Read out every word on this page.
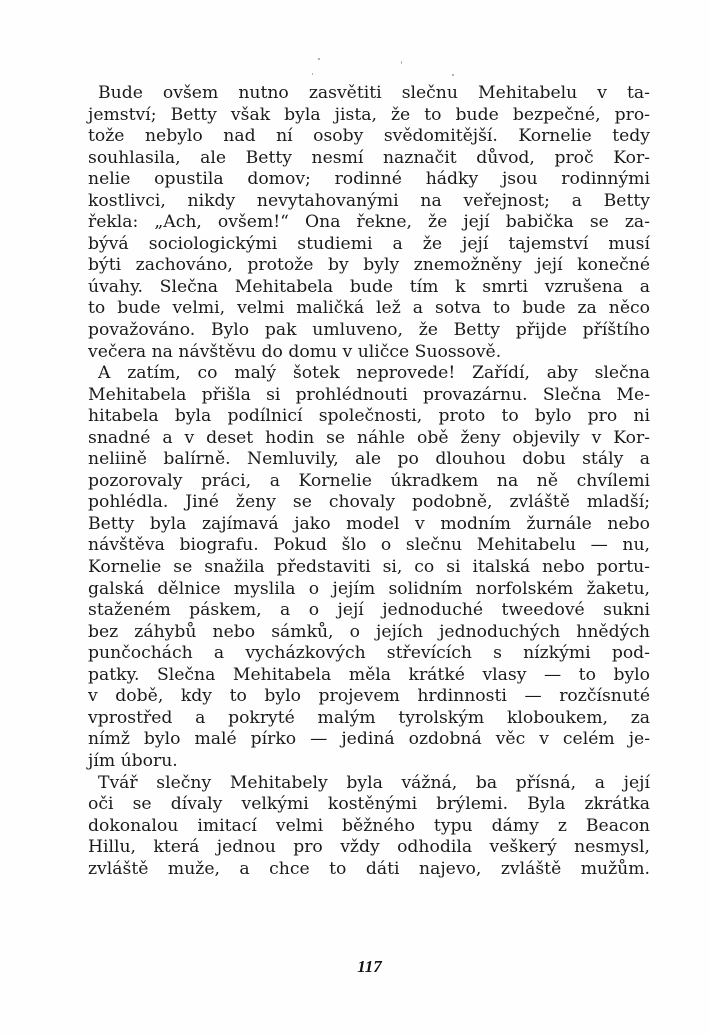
Bude ovšem nutno zasvětiti slečnu Mehitabelu v ta-
jemství; Betty však byla jista, že to bude bezpečné, pro-
tože nebylo nad ní osoby svědomitější. Kornelie tedy
souhlasila, ale Betty nesmí naznačit důvod, proč Kor-
nelie opustila domov; rodinné hádky jsou rodinnými
kostlivci, nikdy nevytahovanými na veřejnost; a Betty
řekla: „Ach, ovšem!“ Ona řekne, že její babička se za-
bývá sociologickými studiemi a že její tajemství musí
býti zachováno, protože by byly znemožněny její konečné
úvahy. Slečna Mehitabela bude tím k smrti vzrušena a
to bude velmi, velmi maličká lež a sotva to bude za něco
považováno. Bylo pak umluveno, že Betty přijde příštího
večera na návštěvu do domu v uličce Suossově.
A zatím, co malý šotek neprovede! Zařídí, aby slečna
Mehitabela přišla si prohlédnouti provazárnu. Slečna Me-
hitabela byla podílnicí společnosti, proto to bylo pro ni
snadné a v deset hodin se náhle obě ženy objevily v Kor-
neliině balírně. Nemluvily, ale po dlouhou dobu stály a
pozorovaly práci, a Kornelie úkradkem na ně chvílemi
pohlédla. Jiné ženy se chovaly podobně, zvláště mladší;
Betty byla zajímavá jako model v modním žurnále nebo
návštěva biografu. Pokud šlo o slečnu Mehitabelu — nu,
Kornelie se snažila představiti si, co si italská nebo portu-
galská dělnice myslila o jejím solidním norfolském žaketu,
staženém páskem, a o její jednoduché tweedové sukni
bez záhybů nebo sámků, o jejích jednoduchých hnědých
punčochách a vycházkových střevících s nízkými pod-
patky. Slečna Mehitabela měla krátké vlasy — to bylo
v době, kdy to bylo projevem hrdinnosti — rozčísnuté
vprostřed a pokryté malým tyrolským kloboukem, za
nímž bylo malé pírko — jediná ozdobná věc v celém je-
jím úboru.
Tvář slečny Mehitabely byla vážná, ba přísná, a její
oči se dívaly velkými kostěnými brýlemi. Byla zkrátka
dokonalou imitací velmi běžného typu dámy z Beacon
Hillu, která jednou pro vždy odhodila veškerý nesmysl,
zvláště muže, a chce to dáti najevo, zvláště mužům.
117
